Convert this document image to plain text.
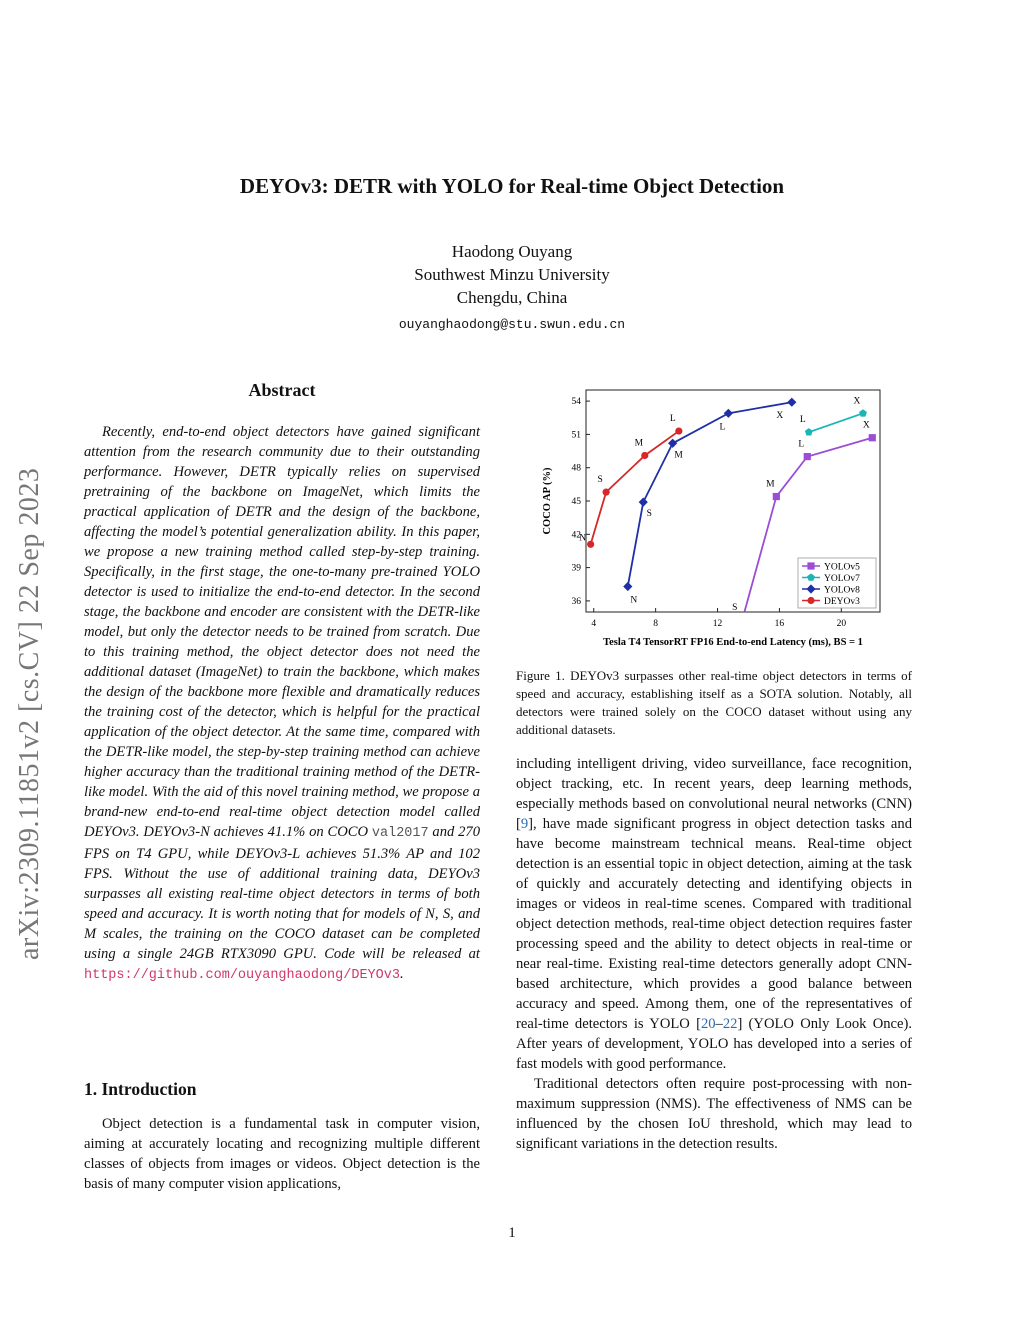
arXiv:2309.11851v2 [cs.CV] 22 Sep 2023
DEYOv3: DETR with YOLO for Real-time Object Detection
Haodong Ouyang
Southwest Minzu University
Chengdu, China
ouyanghaodong@stu.swun.edu.cn
Abstract

Recently, end-to-end object detectors have gained significant attention from the research community due to their outstanding performance. However, DETR typically relies on supervised pretraining of the backbone on ImageNet, which limits the practical application of DETR and the design of the backbone, affecting the model’s potential generalization ability. In this paper, we propose a new training method called step-by-step training. Specifically, in the first stage, the one-to-many pre-trained YOLO detector is used to initialize the end-to-end detector. In the second stage, the backbone and encoder are consistent with the DETR-like model, but only the detector needs to be trained from scratch. Due to this training method, the object detector does not need the additional dataset (ImageNet) to train the backbone, which makes the design of the backbone more flexible and dramatically reduces the training cost of the detector, which is helpful for the practical application of the object detector. At the same time, compared with the DETR-like model, the step-by-step training method can achieve higher accuracy than the traditional training method of the DETR-like model. With the aid of this novel training method, we propose a brand-new end-to-end real-time object detection model called DEYOv3. DEYOv3-N achieves 41.1% on COCO val2017 and 270 FPS on T4 GPU, while DEYOv3-L achieves 51.3% AP and 102 FPS. Without the use of additional training data, DEYOv3 surpasses all existing real-time object detectors in terms of both speed and accuracy. It is worth noting that for models of N, S, and M scales, the training on the COCO dataset can be completed using a single 24GB RTX3090 GPU. Code will be released at https://github.com/ouyanghaodong/DEYOv3.

1. Introduction

Object detection is a fundamental task in computer vision, aiming at accurately locating and recognizing multiple different classes of objects from images or videos. Object detection is the basis of many computer vision applications,

4	8	12	16	20
36
39
42
45
48
51
54
S
M
L
X
L
X
N
S
M
L
X
N
S
M
L
Tesla T4 TensorRT FP16 End-to-end Latency (ms), BS = 1
COCO AP (%)
YOLOv5
YOLOv7
YOLOv8
DEYOv3
Figure 1. DEYOv3 surpasses other real-time object detectors in terms of speed and accuracy, establishing itself as a SOTA solution. Notably, all detectors were trained solely on the COCO dataset without using any additional datasets.

including intelligent driving, video surveillance, face recognition, object tracking, etc. In recent years, deep learning methods, especially methods based on convolutional neural networks (CNN) [9], have made significant progress in object detection tasks and have become mainstream technical means. Real-time object detection is an essential topic in object detection, aiming at the task of quickly and accurately detecting and identifying objects in images or videos in real-time scenes. Compared with traditional object detection methods, real-time object detection requires faster processing speed and the ability to detect objects in real-time or near real-time. Existing real-time detectors generally adopt CNN-based architecture, which provides a good balance between accuracy and speed. Among them, one of the representatives of real-time detectors is YOLO [20–22] (YOLO Only Look Once). After years of development, YOLO has developed into a series of fast models with good performance.

Traditional detectors often require post-processing with non-maximum suppression (NMS). The effectiveness of NMS can be influenced by the chosen IoU threshold, which may lead to significant variations in the detection results.

1
